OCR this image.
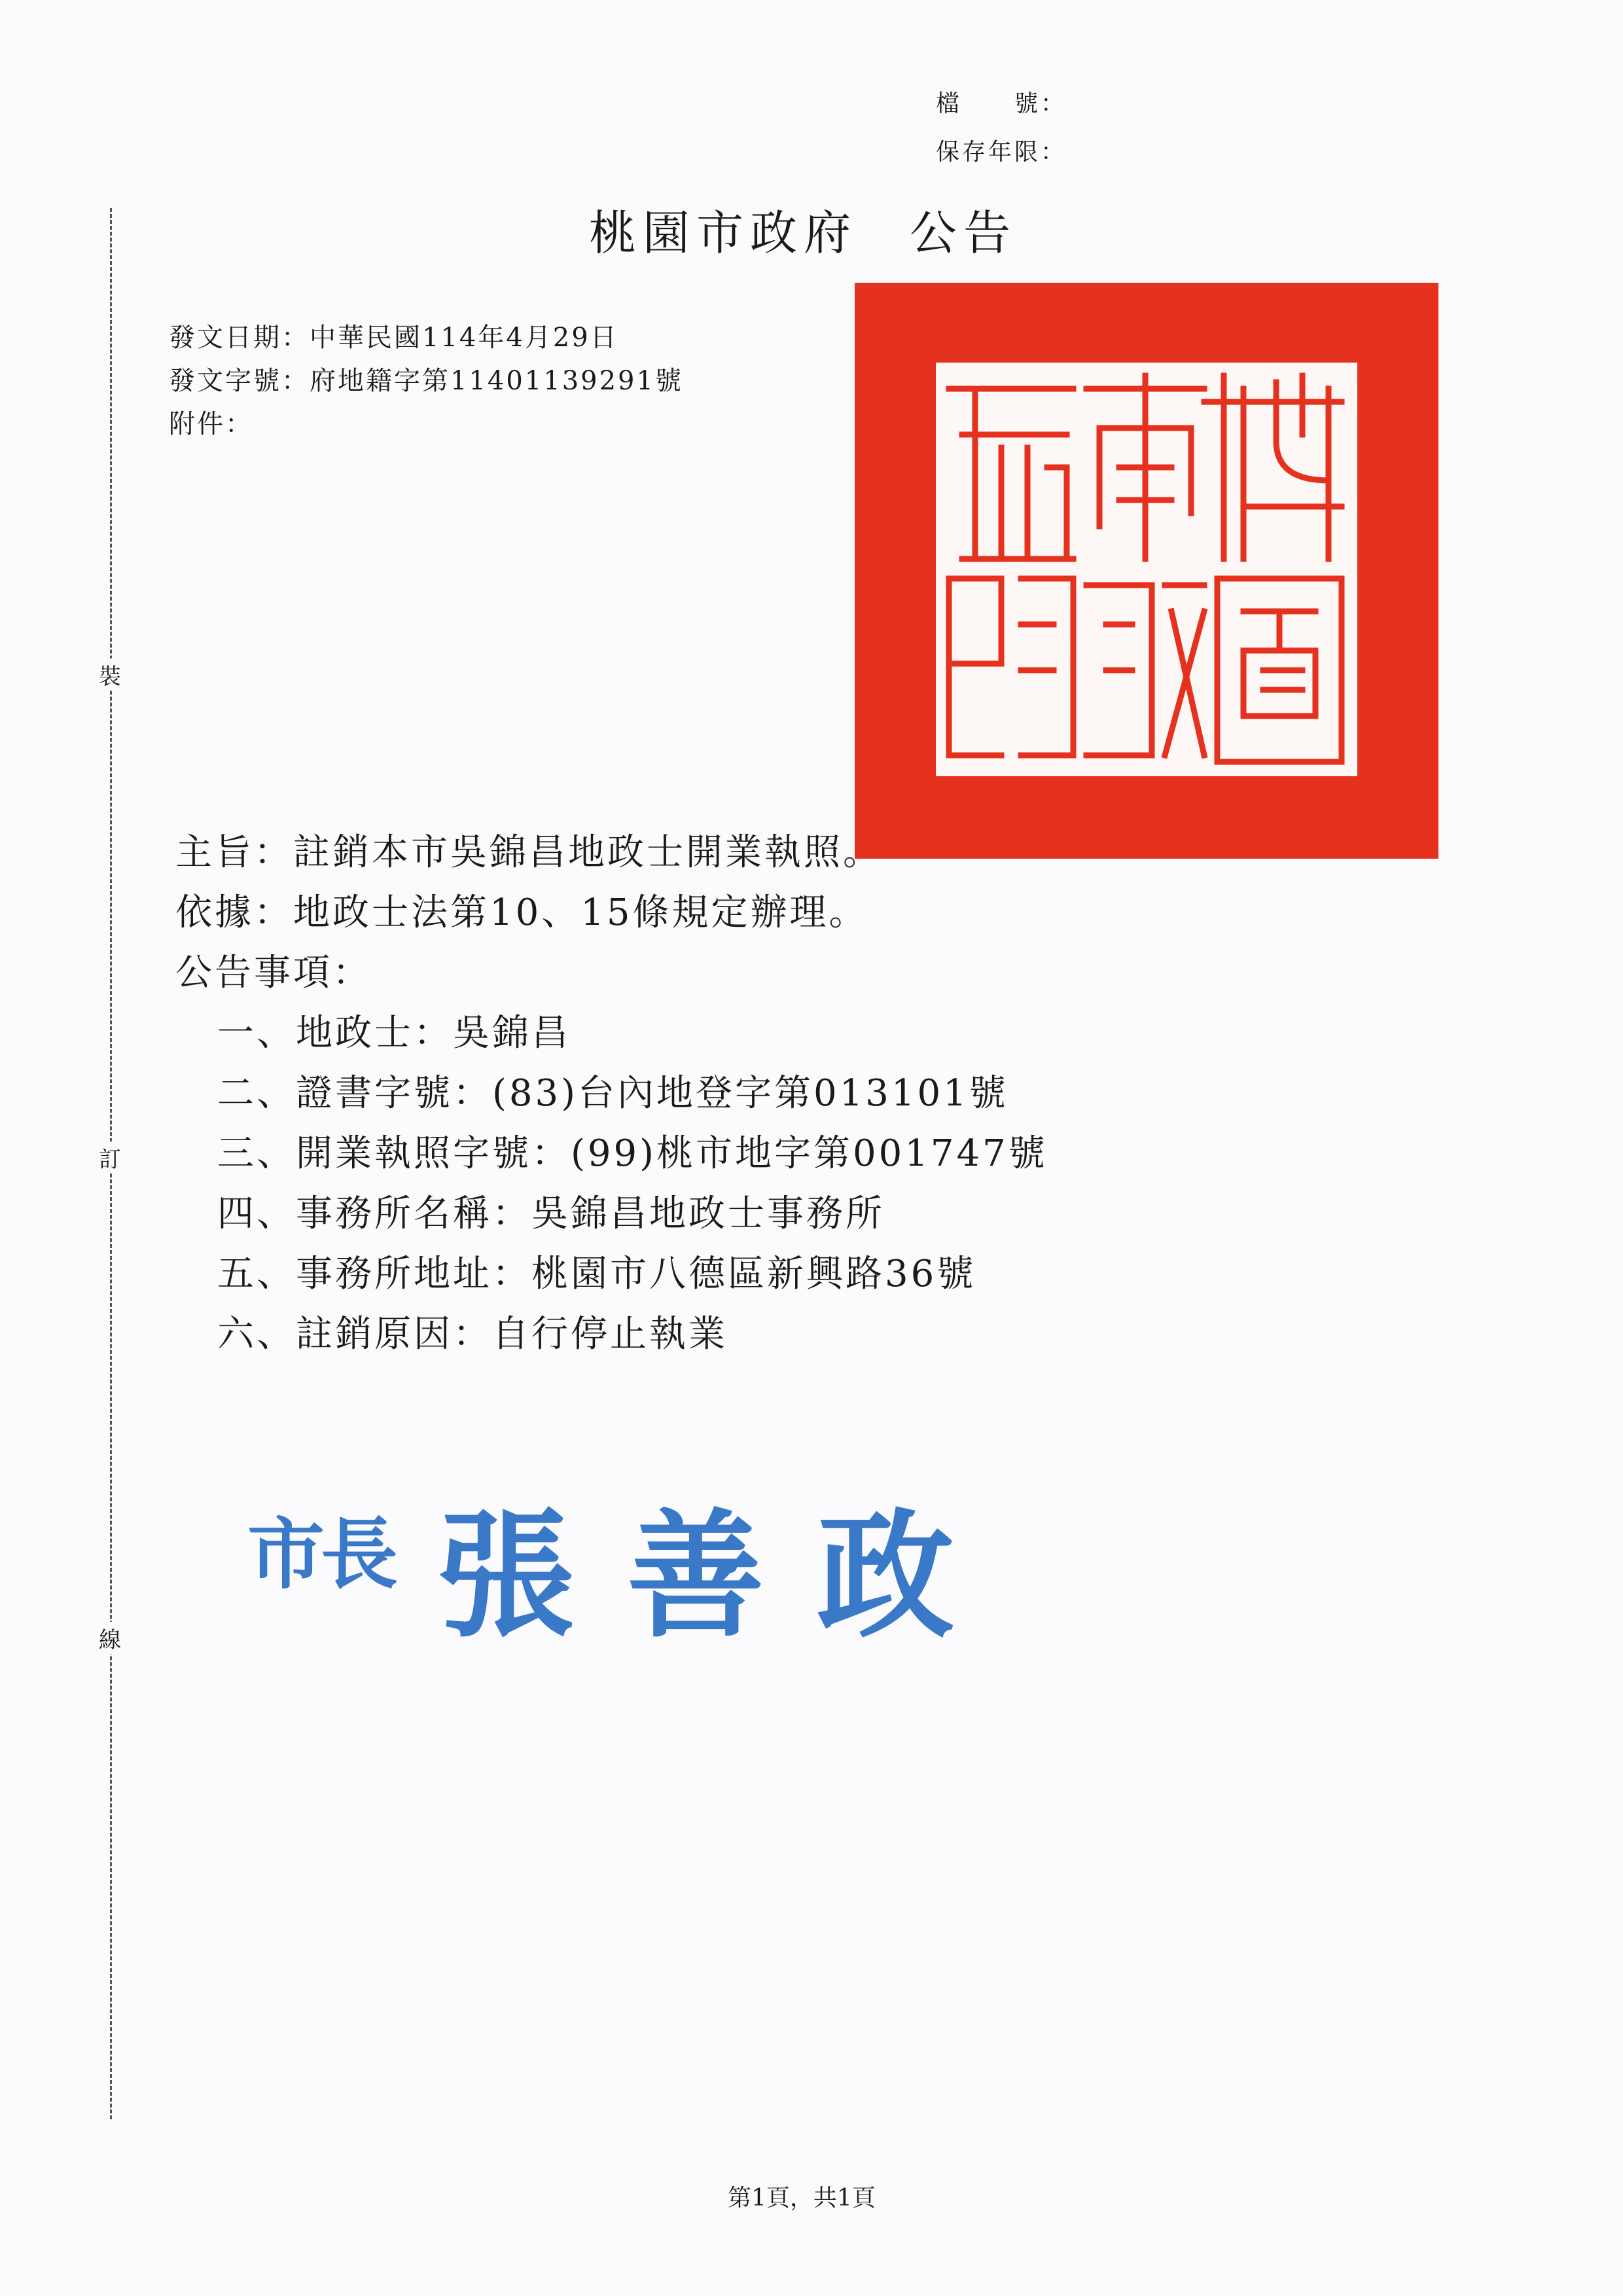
裝
訂
線
檔　　號：
保存年限：
桃園市政府 公告
發文日期：中華民國114年4月29日
發文字號：府地籍字第11401139291號
附件：
主旨：註銷本市吳錦昌地政士開業執照。
依據：地政士法第10、15條規定辦理。
公告事項：
一、地政士：吳錦昌
二、證書字號：(83)台內地登字第013101號
三、開業執照字號：(99)桃市地字第001747號
四、事務所名稱：吳錦昌地政士事務所
五、事務所地址：桃園市八德區新興路36號
六、註銷原因：自行停止執業
市長 張 善 政
第1頁，共1頁
